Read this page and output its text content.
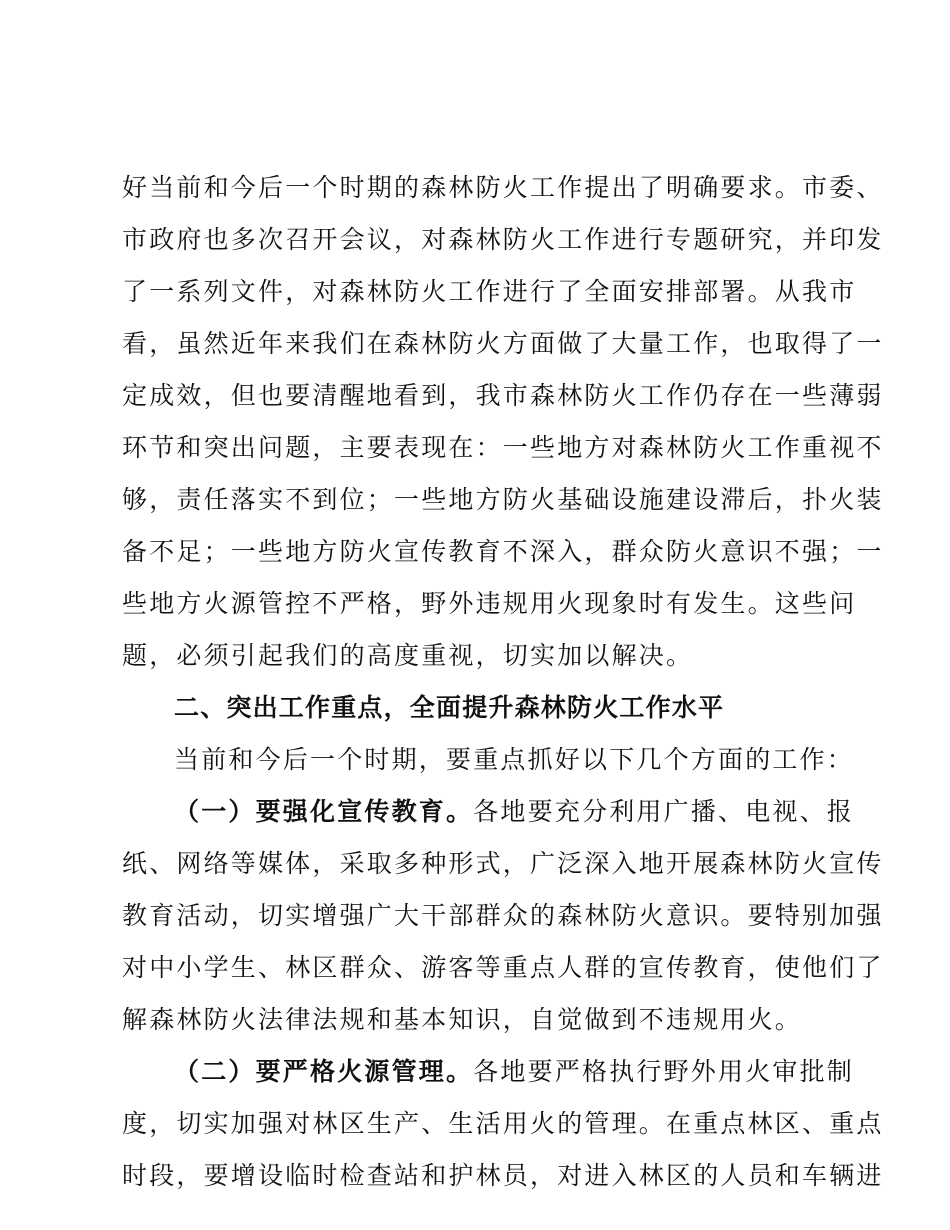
好当前和今后一个时期的森林防火工作提出了明确要求。市委、
市政府也多次召开会议，对森林防火工作进行专题研究，并印发
了一系列文件，对森林防火工作进行了全面安排部署。从我市
看，虽然近年来我们在森林防火方面做了大量工作，也取得了一
定成效，但也要清醒地看到，我市森林防火工作仍存在一些薄弱
环节和突出问题，主要表现在：一些地方对森林防火工作重视不
够，责任落实不到位；一些地方防火基础设施建设滞后，扑火装
备不足；一些地方防火宣传教育不深入，群众防火意识不强；一
些地方火源管控不严格，野外违规用火现象时有发生。这些问
题，必须引起我们的高度重视，切实加以解决。
二、突出工作重点，全面提升森林防火工作水平
当前和今后一个时期，要重点抓好以下几个方面的工作：
（一）要强化宣传教育。各地要充分利用广播、电视、报
纸、网络等媒体，采取多种形式，广泛深入地开展森林防火宣传
教育活动，切实增强广大干部群众的森林防火意识。要特别加强
对中小学生、林区群众、游客等重点人群的宣传教育，使他们了
解森林防火法律法规和基本知识，自觉做到不违规用火。
（二）要严格火源管理。各地要严格执行野外用火审批制
度，切实加强对林区生产、生活用火的管理。在重点林区、重点
时段，要增设临时检查站和护林员，对进入林区的人员和车辆进
